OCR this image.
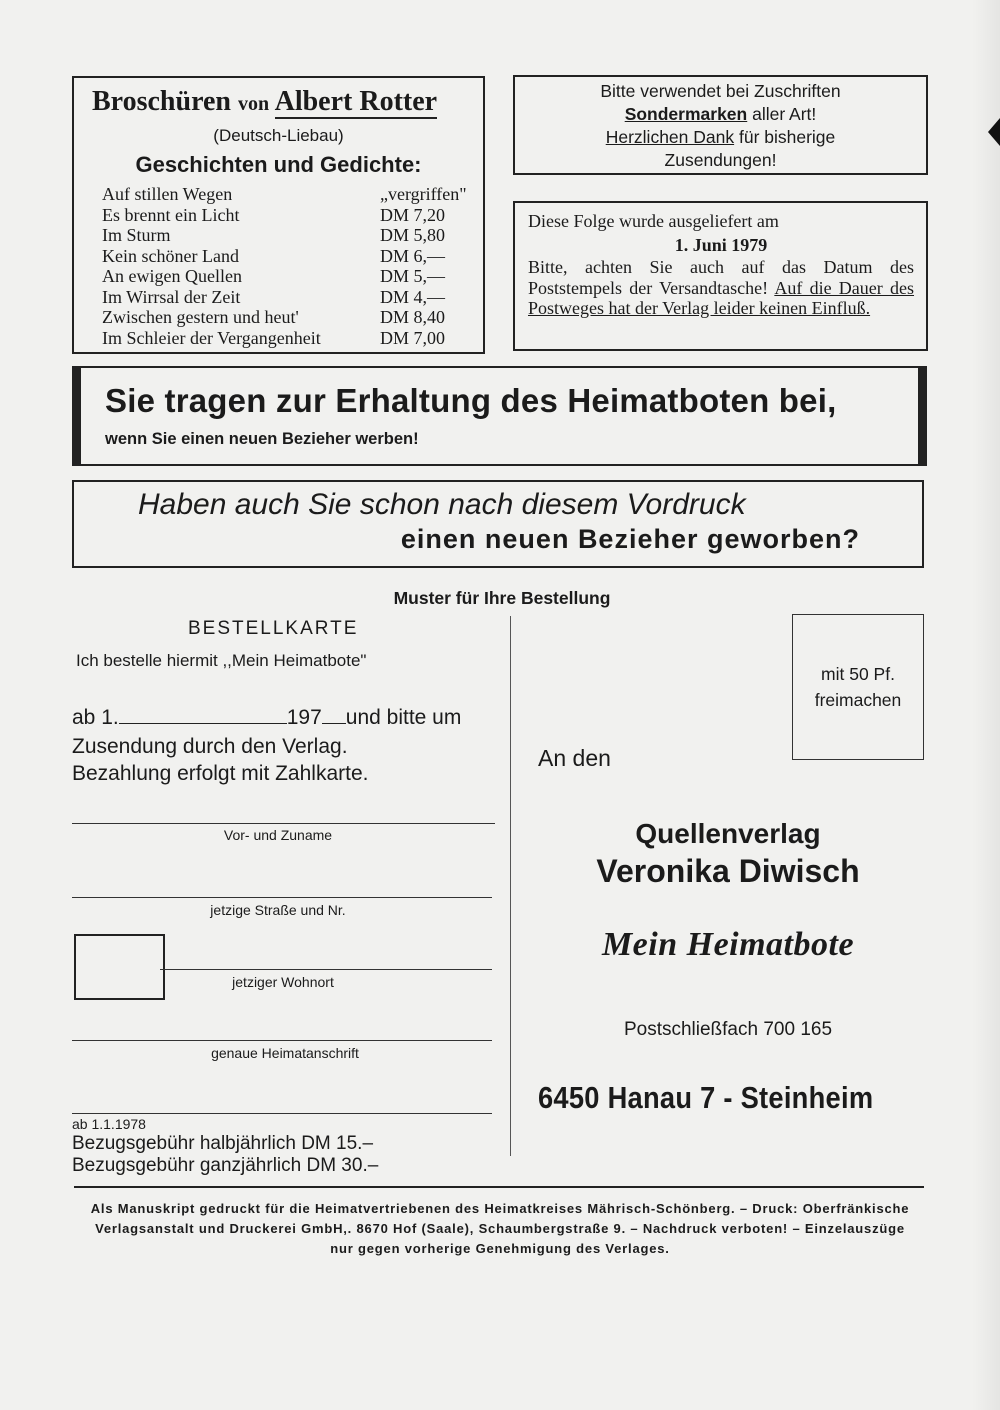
Broschüren von Albert Rotter
(Deutsch-Liebau)
Geschichten und Gedichte:
Auf stillen Wegen	„vergriffen"
Es brennt ein Licht	DM 7,20
Im Sturm	DM 5,80
Kein schöner Land	DM 6,—
An ewigen Quellen	DM 5,—
Im Wirrsal der Zeit	DM 4,—
Zwischen gestern und heut'	DM 8,40
Im Schleier der Vergangenheit	DM 7,00
Bitte verwendet bei Zuschriften
Sondermarken aller Art!
Herzlichen Dank für bisherige
Zusendungen!
Diese Folge wurde ausgeliefert am
1. Juni 1979
Bitte, achten Sie auch auf das Datum des Poststempels der Versandtasche! Auf die Dauer des Postweges hat der Verlag leider keinen Einfluß.
Sie tragen zur Erhaltung des Heimatboten bei,
wenn Sie einen neuen Bezieher werben!
Haben auch Sie schon nach diesem Vordruck
einen neuen Bezieher geworben?
Muster für Ihre Bestellung
BESTELLKARTE
Ich bestelle hiermit ,,Mein Heimatbote"
ab 1.	197 und bitte um
Zusendung durch den Verlag.
Bezahlung erfolgt mit Zahlkarte.
Vor- und Zuname
jetzige Straße und Nr.
jetziger Wohnort
genaue Heimatanschrift
ab 1.1.1978
Bezugsgebühr halbjährlich DM 15.–
Bezugsgebühr ganzjährlich DM 30.–
mit 50 Pf.
freimachen
An den
Quellenverlag
Veronika Diwisch
Mein Heimatbote
Postschließfach 700 165
6450 Hanau 7 - Steinheim
Als Manuskript gedruckt für die Heimatvertriebenen des Heimatkreises Mährisch-Schönberg. – Druck: Oberfränkische Verlagsanstalt und Druckerei GmbH,. 8670 Hof (Saale), Schaumbergstraße 9. – Nachdruck verboten! – Einzelauszüge nur gegen vorherige Genehmigung des Verlages.
